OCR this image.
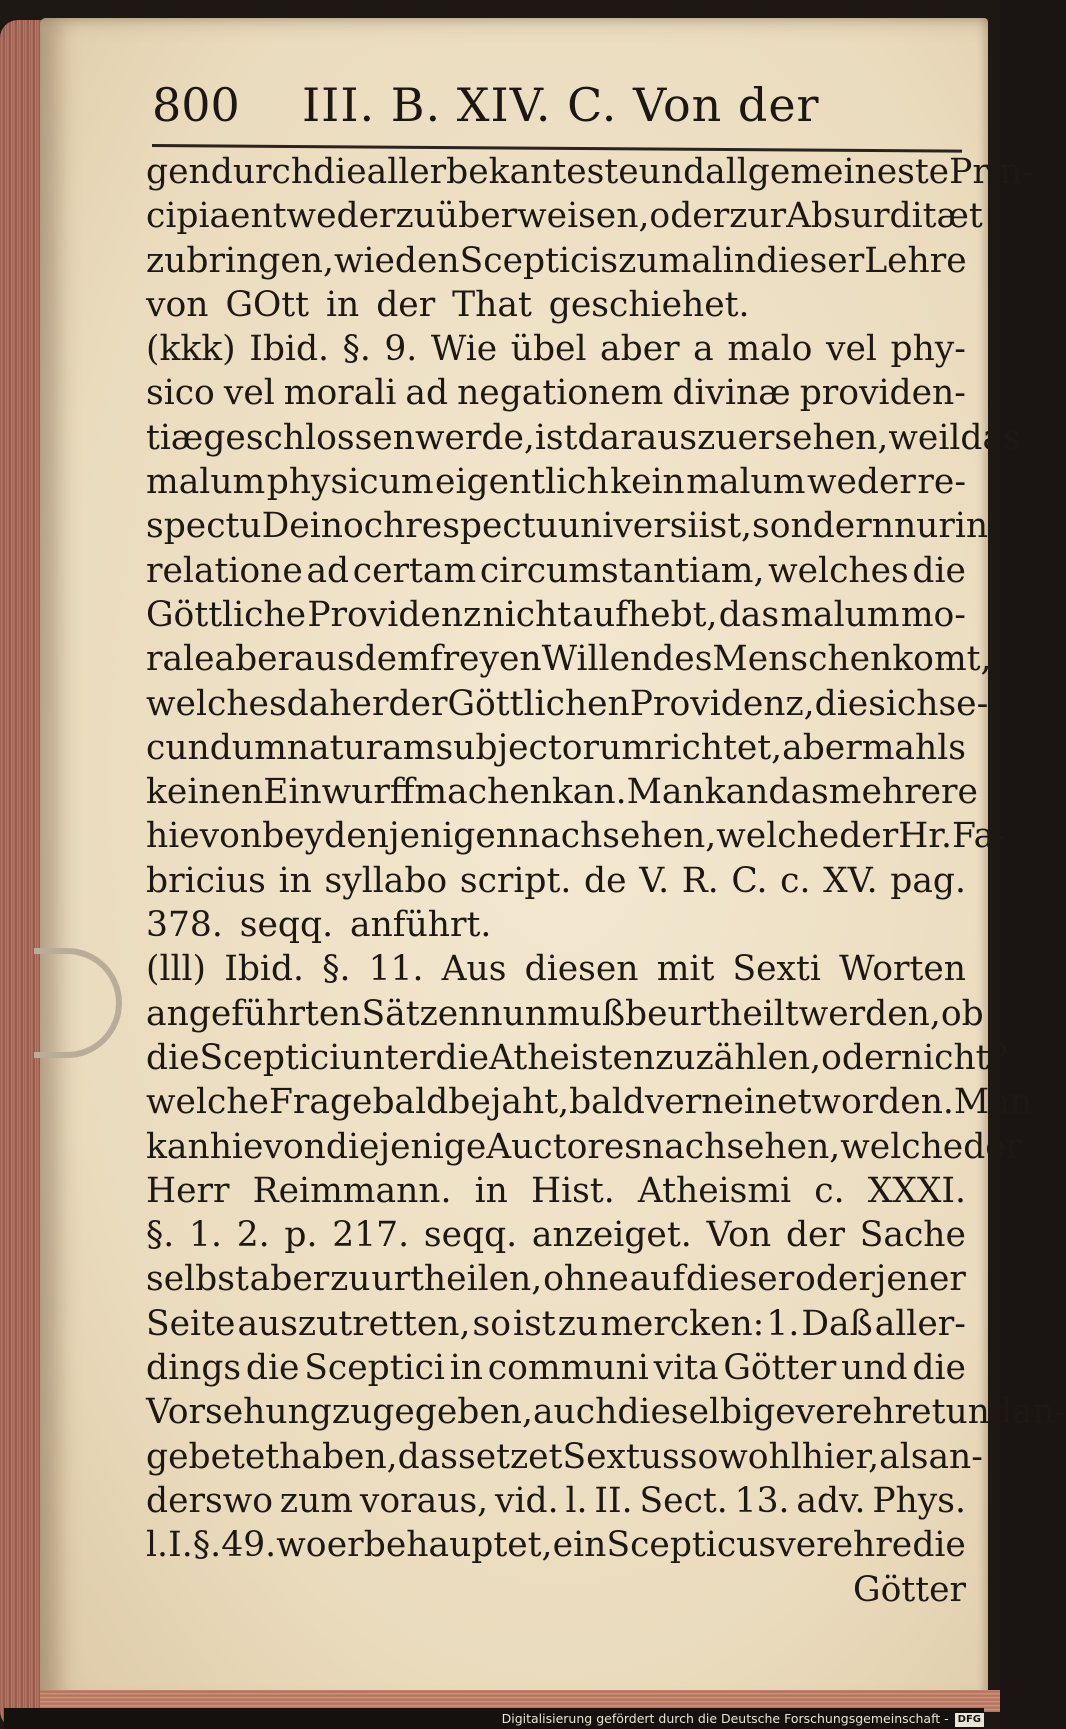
800 III. B. XIV. C. Von der
gen durch die allerbekanteste und allgemeineste Prin-
cipia entweder zu überweisen, oder zur Absurditæt
zu bringen, wie den Scepticis zumal in dieser Lehre
von GOtt in der That geschiehet.
(kkk) Ibid. §. 9. Wie übel aber a malo vel phy-
sico vel morali ad negationem divinæ providen-
tiæ geschlossen werde, ist daraus zu ersehen, weil das
malum physicum eigentlich kein malum weder re-
spectu Dei noch respectu universi ist, sondern nur in
relatione ad certam circumstantiam, welches die
Göttliche Providenz nicht aufhebt, das malum mo-
rale aber aus dem freyen Willen des Menschen komt,
welches daher der Göttlichen Providenz, die sich se-
cundum naturam subjectorum richtet, abermahls
keinen Einwurff machen kan. Man kan das mehrere
hievon bey denjenigen nachsehen, welche der Hr. Fa-
bricius in syllabo script. de V. R. C. c. XV. pag.
378. seqq. anführt.
(lll) Ibid. §. 11. Aus diesen mit Sexti Worten
angeführten Sätzen nun muß beurtheilt werden, ob
die Sceptici unter die Atheisten zu zählen, oder nicht?
welche Frage bald bejaht, bald verneinet worden. Man
kan hievon diejenige Auctores nachsehen, welche der
Herr Reimmann. in Hist. Atheismi c. XXXI.
§. 1. 2. p. 217. seqq. anzeiget. Von der Sache
selbst aber zu urtheilen, ohne auf dieser oder jener
Seite auszutretten, so ist zu mercken: 1. Daß aller-
dings die Sceptici in communi vita Götter und die
Vorsehung zugegeben, auch dieselbige verehret und an-
gebetet haben, das setzet Sextus sowohl hier, als an-
derswo zum voraus, vid. l. II. Sect. 13. adv. Phys.
l. I. §. 49. wo er behauptet, ein Scepticus verehre die
Götter
Digitalisierung gefördert durch die Deutsche Forschungsgemeinschaft - DFG
